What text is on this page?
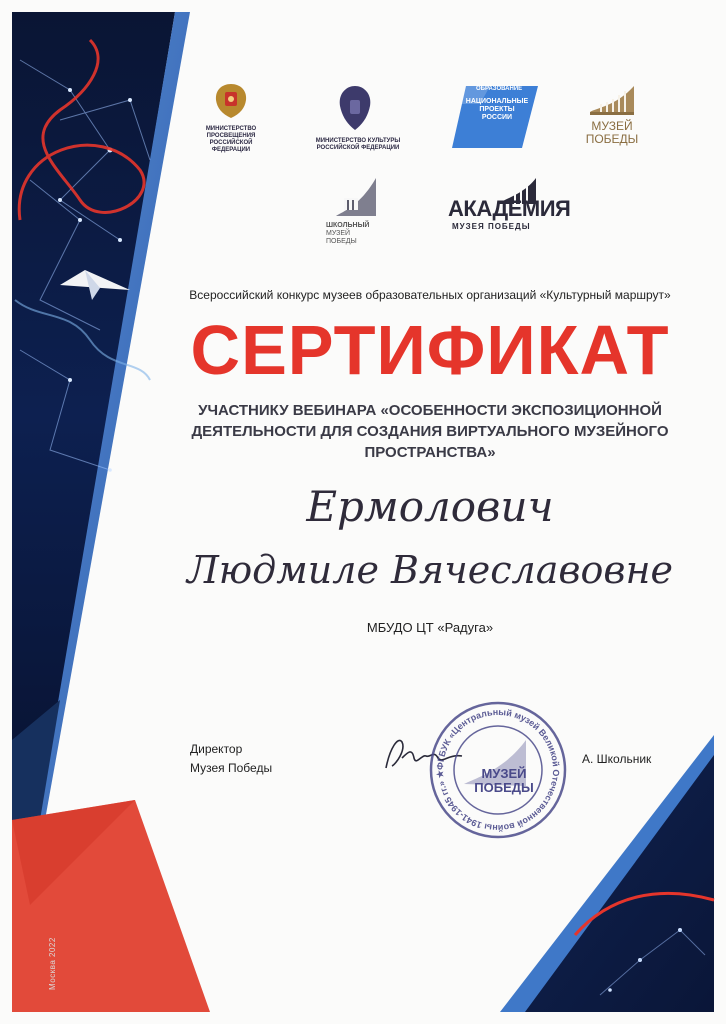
МИНИСТЕРСТВО
ПРОСВЕЩЕНИЯ
РОССИЙСКОЙ
ФЕДЕРАЦИИ
МИНИСТЕРСТВО КУЛЬТУРЫ
РОССИЙСКОЙ ФЕДЕРАЦИИ
ОБРАЗОВАНИЕ
НАЦИОНАЛЬНЫЕ
ПРОЕКТЫ
РОССИИ
МУЗЕЙ
ПОБЕДЫ
ШКОЛЬНЫЙ
МУЗЕЙ
ПОБЕДЫ
АКАДЕМИЯ
МУЗЕЯ ПОБЕДЫ
Всероссийский конкурс музеев образовательных организаций «Культурный маршрут»
СЕРТИФИКАТ
УЧАСТНИКУ ВЕБИНАРА «ОСОБЕННОСТИ ЭКСПОЗИЦИОННОЙ
ДЕЯТЕЛЬНОСТИ ДЛЯ СОЗДАНИЯ ВИРТУАЛЬНОГО МУЗЕЙНОГО
ПРОСТРАНСТВА»
Ермолович
Людмиле Вячеславовне
МБУДО ЦТ «Радуга»
Директор
Музея Победы	ФГБУК «Центральный музей Великой Отечественной войны 1941-1945 гг.» ★	МУЗЕЙ
ПОБЕДЫ
А. Школьник
Москва 2022
